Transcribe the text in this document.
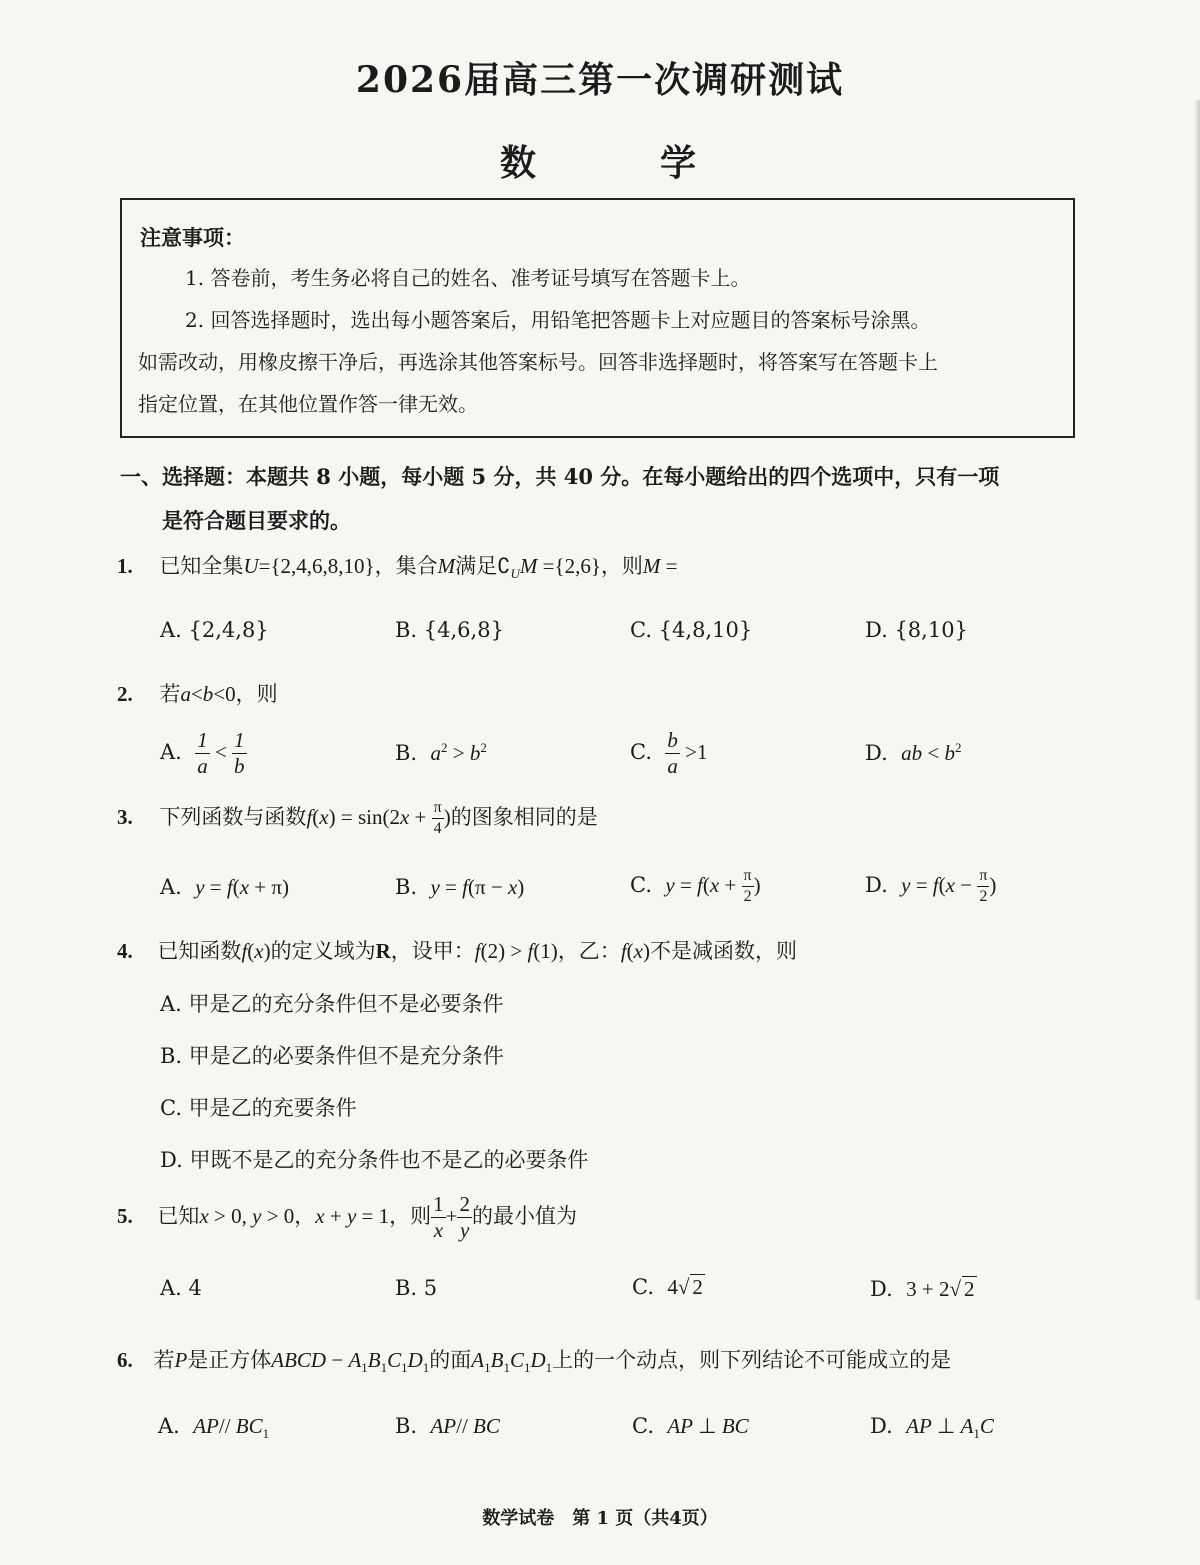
2026届高三第一次调研测试
数　学
注意事项：
1. 答卷前，考生务必将自己的姓名、准考证号填写在答题卡上。
2. 回答选择题时，选出每小题答案后，用铅笔把答题卡上对应题目的答案标号涂黑。
如需改动，用橡皮擦干净后，再选涂其他答案标号。回答非选择题时，将答案写在答题卡上
指定位置，在其他位置作答一律无效。
一、选择题：本题共 8 小题，每小题 5 分，共 40 分。在每小题给出的四个选项中，只有一项
是符合题目要求的。
1. 已知全集U={2,4,6,8,10}，集合M满足$∁_UM =\{2,6\}$，则M =
A. {2,4,8}	B. {4,6,8}	C. {4,8,10}	D. {8,10}
2. 若a<b<0，则
A. $\frac{1}{a} < \frac{1}{b}$	B.  $a^2 > b^2$	C. $\frac{b}{a} >1$	D.  ab < $b^2$
3. 下列函数与函数$f(x) = \sin(2x + \frac{\pi}{4}$ )的图象相同的是
A.  y = f(x + π)	B.  y = f(π − x)	C.  $y = f(x + \frac{\pi}{2}$ )	D.  $y = f(x - \frac{\pi}{2}$ )
4. 已知函数f(x)的定义域为R，设甲：f(2) > f(1)，乙：f(x)不是减函数，则
A. 甲是乙的充分条件但不是必要条件
B. 甲是乙的必要条件但不是充分条件
C. 甲是乙的充要条件
D. 甲既不是乙的充分条件也不是乙的必要条件
5. 已知x > 0, y > 0，x + y = 1，则 $\frac{1}{x} + \frac{2}{y}$ 的最小值为
A. 4	B. 5	C.  4√ 2	D.  3 + 2√ 2
6. 若P是正方体ABCD − $A_1B_1C_1D_1$的面$A_1B_1C_1D_1$上的一个动点，则下列结论不可能成立的是
A.  AP// $BC_1$	B.  AP// BC	C.  AP ⊥ BC	D.  AP ⊥ $A_1C$
数学试卷　第 1 页（共4页）
